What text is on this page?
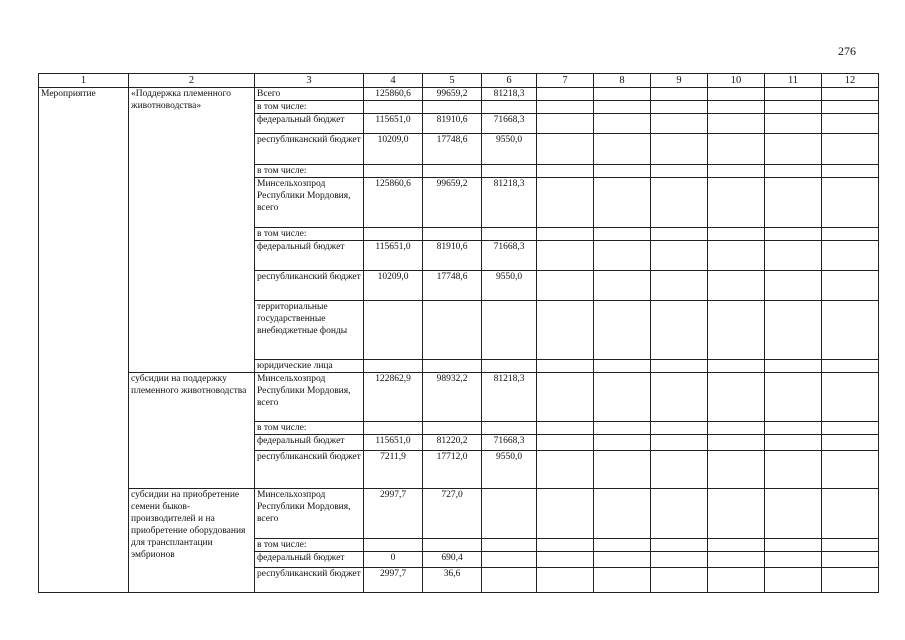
276
1	2	3	4	5	6	7	8	9	10	11	12
Мероприятие	«Поддержка племенного животноводства»	Всего	125860,6	99659,2	81218,3						
		в том числе:									
		федеральный бюджет	115651,0	81910,6	71668,3						
		республиканский бюджет	10209,0	17748,6	9550,0						
		в том числе:									
		Минсельхозпрод Республики Мордовия, всего	125860,6	99659,2	81218,3						
		в том числе:									
		федеральный бюджет	115651,0	81910,6	71668,3						
		республиканский бюджет	10209,0	17748,6	9550,0						
		территориальные государственные внебюджетные фонды									
		юридические лица									
	субсидии на поддержку племенного животноводства	Минсельхозпрод Республики Мордовия, всего	122862,9	98932,2	81218,3						
		в том числе:									
		федеральный бюджет	115651,0	81220,2	71668,3						
		республиканский бюджет	7211,9	17712,0	9550,0						
	субсидии на приобретение семени быков- производителей и на приобретение оборудования для трансплантации эмбрионов	Минсельхозпрод Республики Мордовия, всего	2997,7	727,0							
		в том числе:									
		федеральный бюджет	0	690,4							
		республиканский бюджет	2997,7	36,6							
